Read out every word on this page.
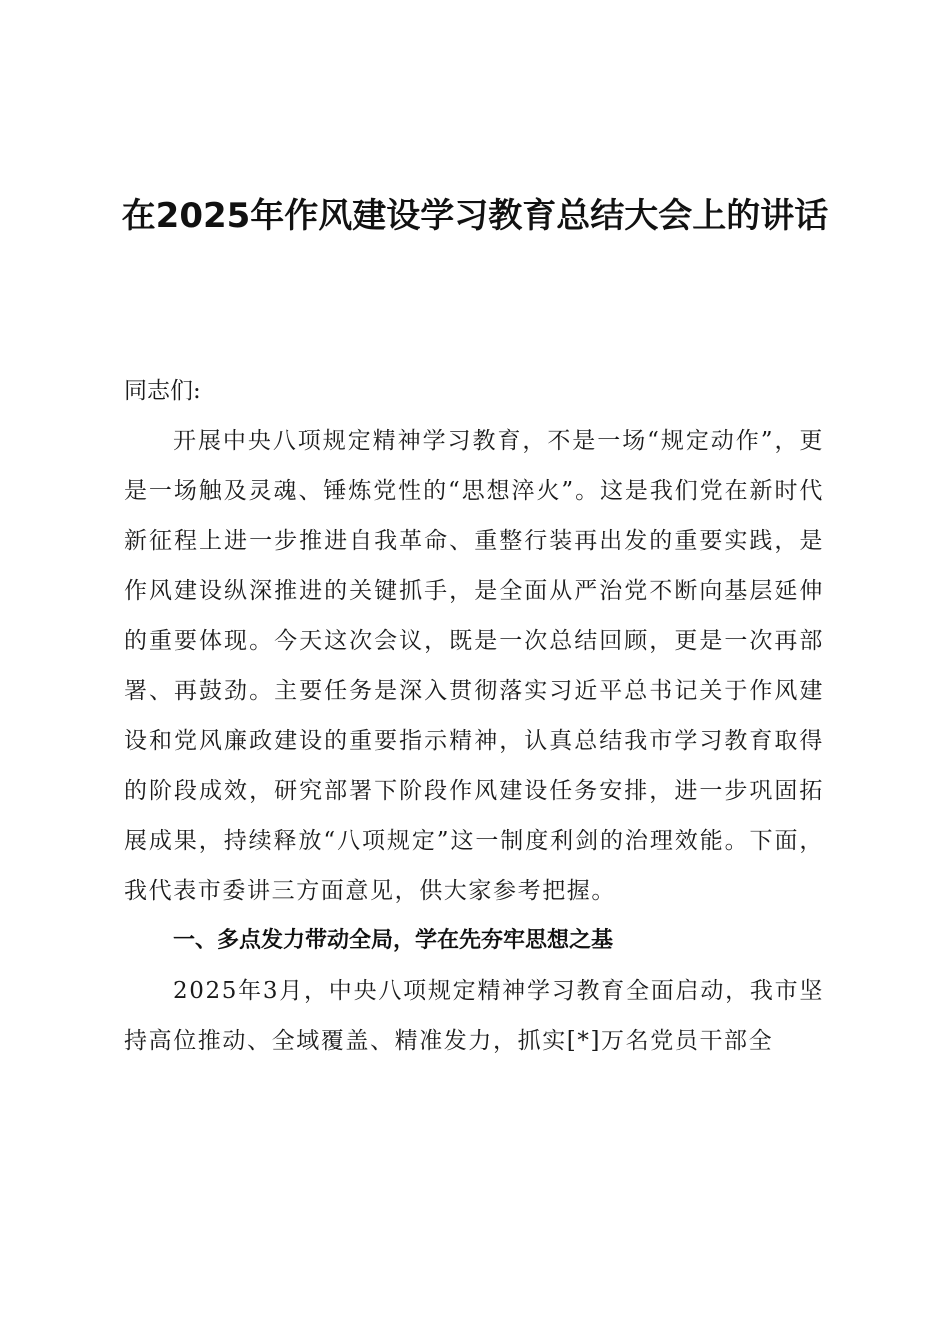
在2025年作风建设学习教育总结大会上的讲话

同志们:

开展中央八项规定精神学习教育，不是一场“规定动作”，更是一场触及灵魂、锤炼党性的“思想淬火”。这是我们党在新时代新征程上进一步推进自我革命、重整行装再出发的重要实践，是作风建设纵深推进的关键抓手，是全面从严治党不断向基层延伸的重要体现。今天这次会议，既是一次总结回顾，更是一次再部署、再鼓劲。主要任务是深入贯彻落实习近平总书记关于作风建设和党风廉政建设的重要指示精神，认真总结我市学习教育取得的阶段成效，研究部署下阶段作风建设任务安排，进一步巩固拓展成果，持续释放“八项规定”这一制度利剑的治理效能。下面，我代表市委讲三方面意见，供大家参考把握。

一、多点发力带动全局，学在先夯牢思想之基

2025年3月，中央八项规定精神学习教育全面启动，我市坚持高位推动、全域覆盖、精准发力，抓实[*]万名党员干部全
